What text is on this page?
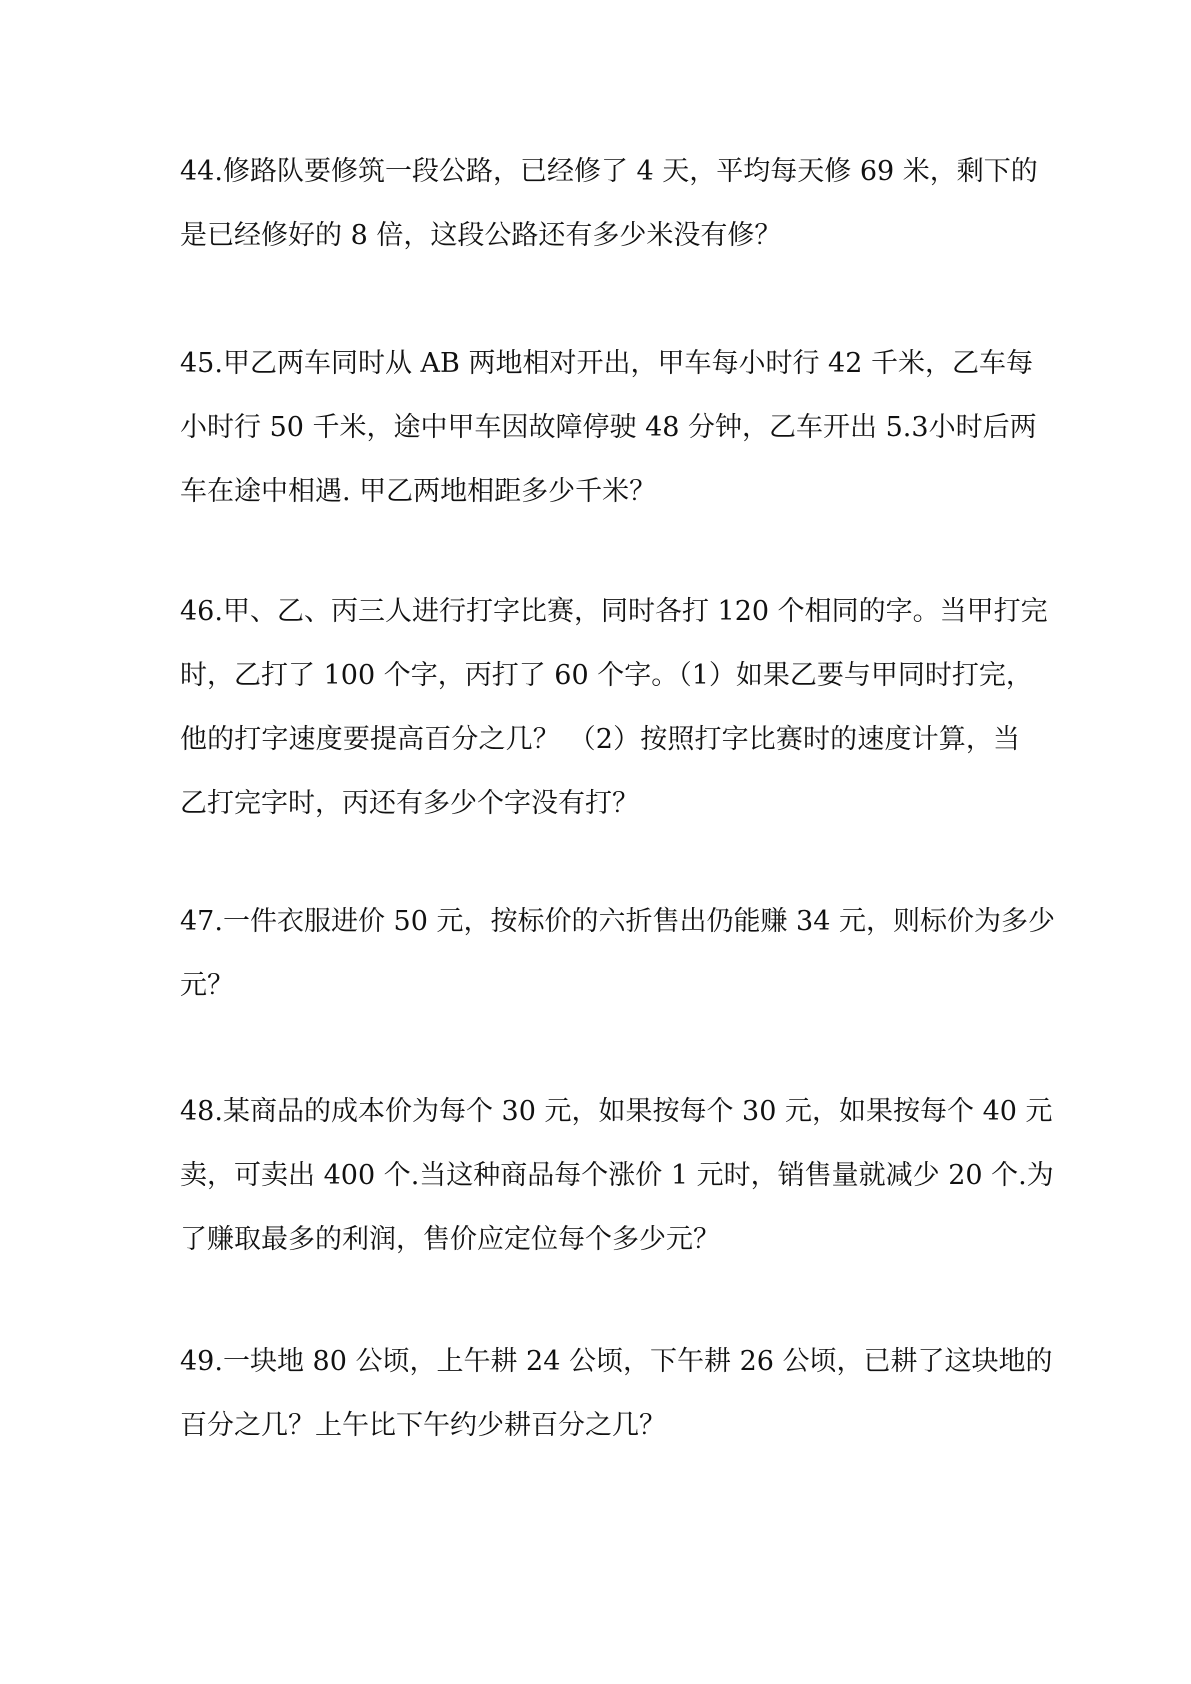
44.修路队要修筑一段公路，已经修了 4 天，平均每天修 69 米，剩下的
是已经修好的 8 倍，这段公路还有多少米没有修？
45.甲乙两车同时从 AB 两地相对开出，甲车每小时行 42 千米，乙车每
小时行 50 千米，途中甲车因故障停驶 48 分钟，乙车开出 5.3小时后两
车在途中相遇. 甲乙两地相距多少千米？
46.甲、乙、丙三人进行打字比赛，同时各打 120 个相同的字。当甲打完
时，乙打了 100 个字，丙打了 60 个字。（1）如果乙要与甲同时打完，
他的打字速度要提高百分之几？ （2）按照打字比赛时的速度计算，当
乙打完字时，丙还有多少个字没有打？
47.一件衣服进价 50 元，按标价的六折售出仍能赚 34 元，则标价为多少
元？
48.某商品的成本价为每个 30 元，如果按每个 30 元，如果按每个 40 元
卖，可卖出 400 个.当这种商品每个涨价 1 元时，销售量就减少 20 个.为
了赚取最多的利润，售价应定位每个多少元？
49.一块地 80 公顷，上午耕 24 公顷，下午耕 26 公顷，已耕了这块地的
百分之几？上午比下午约少耕百分之几？
